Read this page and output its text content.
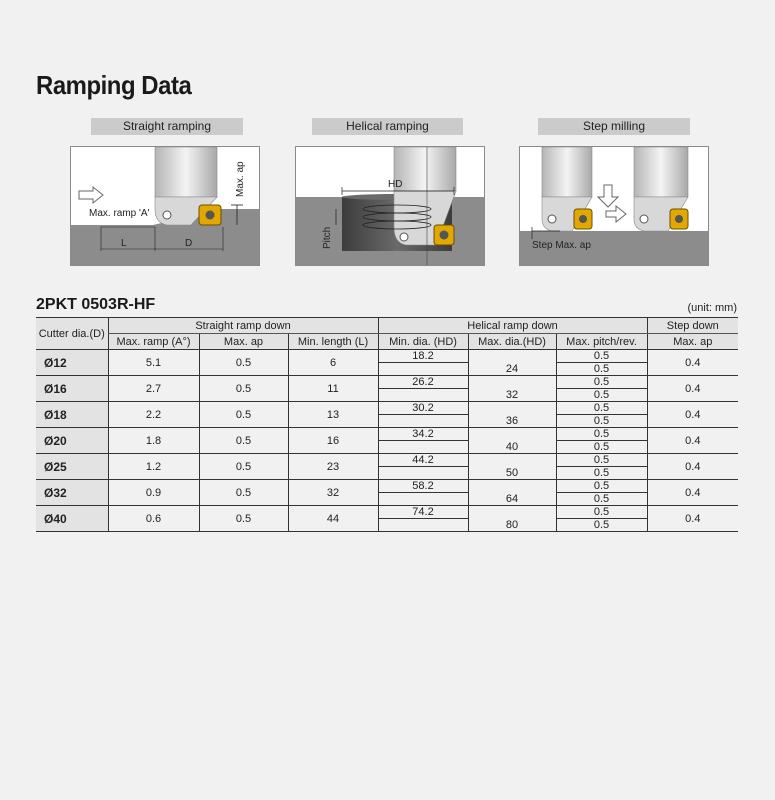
Ramping Data
Straight ramping	Helical ramping	Step milling
Max. ap
Max. ramp 'A'
L	D
HD
Pitch	Step Max. ap
2PKT 0503R-HF	(unit: mm)
Cutter dia.(D)	Straight ramp down			Helical ramp down			Step down
	Max. ramp (A°)	Max. ap	Min. length (L)	Min. dia. (HD)	Max. dia.(HD)	Max. pitch/rev.	Max. ap
Ø12	5.1	0.5	6	18.2		0.5	0.4
					24	0.5	
Ø16	2.7	0.5	11	26.2		0.5	0.4
					32	0.5	
Ø18	2.2	0.5	13	30.2		0.5	0.4
					36	0.5	
Ø20	1.8	0.5	16	34.2		0.5	0.4
					40	0.5	
Ø25	1.2	0.5	23	44.2		0.5	0.4
					50	0.5	
Ø32	0.9	0.5	32	58.2		0.5	0.4
					64	0.5	
Ø40	0.6	0.5	44	74.2		0.5	0.4
					80	0.5	
